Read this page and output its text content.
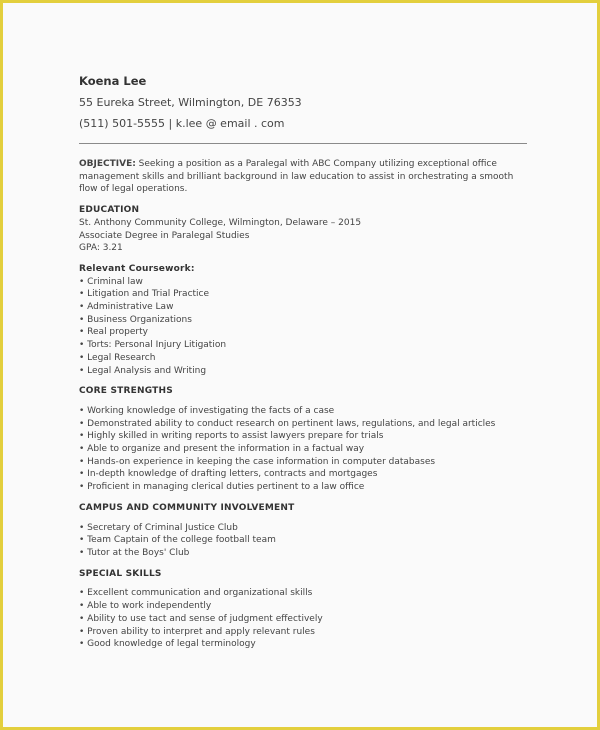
Koena Lee
55 Eureka Street, Wilmington, DE 76353
(511) 501-5555 | k.lee @ email . com
OBJECTIVE: Seeking a position as a Paralegal with ABC Company utilizing exceptional office management skills and brilliant background in law education to assist in orchestrating a smooth flow of legal operations.
EDUCATION
St. Anthony Community College, Wilmington, Delaware – 2015
Associate Degree in Paralegal Studies
GPA: 3.21
Relevant Coursework:
• Criminal law
• Litigation and Trial Practice
• Administrative Law
• Business Organizations
• Real property
• Torts: Personal Injury Litigation
• Legal Research
• Legal Analysis and Writing
CORE STRENGTHS
• Working knowledge of investigating the facts of a case
• Demonstrated ability to conduct research on pertinent laws, regulations, and legal articles
• Highly skilled in writing reports to assist lawyers prepare for trials
• Able to organize and present the information in a factual way
• Hands-on experience in keeping the case information in computer databases
• In-depth knowledge of drafting letters, contracts and mortgages
• Proficient in managing clerical duties pertinent to a law office
CAMPUS AND COMMUNITY INVOLVEMENT
• Secretary of Criminal Justice Club
• Team Captain of the college football team
• Tutor at the Boys' Club
SPECIAL SKILLS
• Excellent communication and organizational skills
• Able to work independently
• Ability to use tact and sense of judgment effectively
• Proven ability to interpret and apply relevant rules
• Good knowledge of legal terminology
